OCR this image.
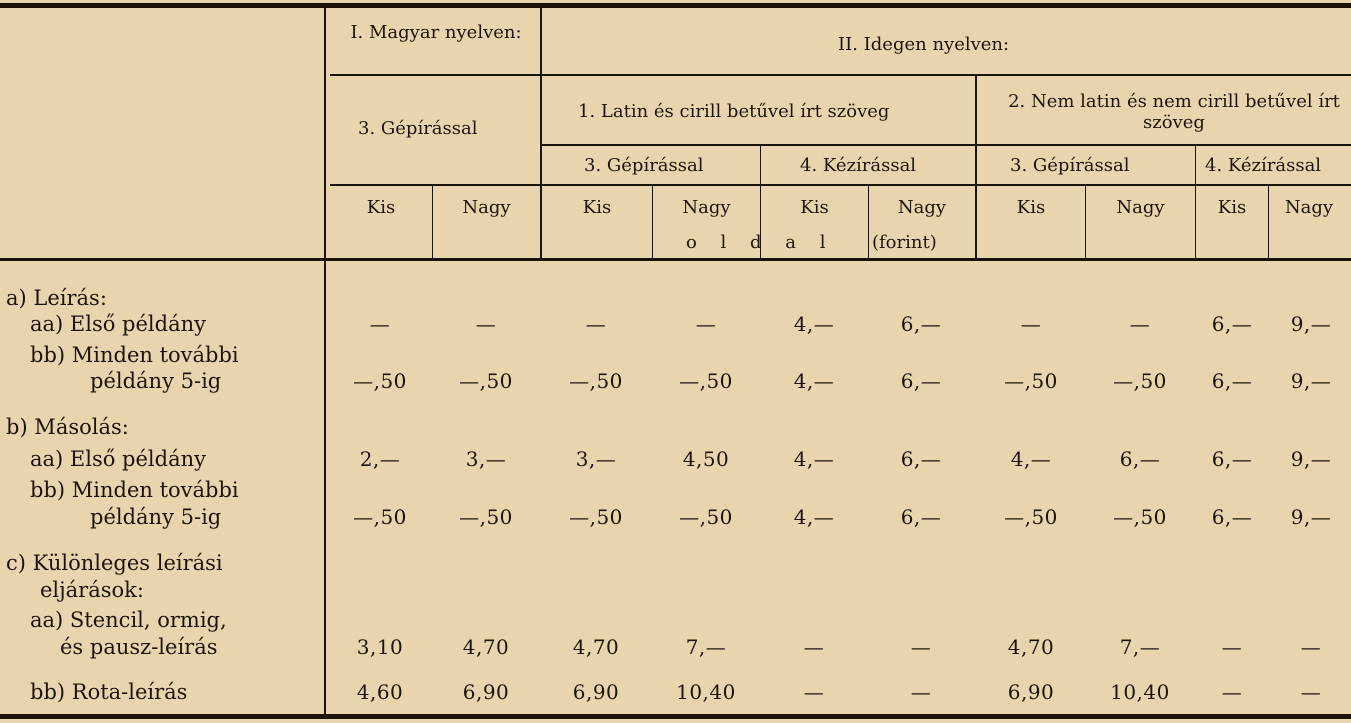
I. Magyar nyelven:
3. Gépírással
II. Idegen nyelven:
1. Latin és cirill betűvel írt szöveg	2. Nem latin és nem cirill betűvel írt szöveg
3. Gépírással	4. Kézírással	3. Gépírással	4. Kézírással
Kis	Nagy	Kis	Nagy	Kis	Nagy	Kis	Nagy	Kis	Nagy
o l d a l (forint)
a) Leírás:
aa) Első példány	—	—	—	—	4,—	6,—	—	—	6,—	9,—
bb) Minden további
példány 5-ig	—,50	—,50	—,50	—,50	4,—	6,—	—,50	—,50	6,—	9,—
b) Másolás:
aa) Első példány	2,—	3,—	3,—	4,50	4,—	6,—	4,—	6,—	6,—	9,—
bb) Minden további
példány 5-ig	—,50	—,50	—,50	—,50	4,—	6,—	—,50	—,50	6,—	9,—
c) Különleges leírási
eljárások:
aa) Stencil, ormig,
és pausz-leírás	3,10	4,70	4,70	7,—	—	—	4,70	7,—	—	—
bb) Rota-leírás	4,60	6,90	6,90	10,40	—	—	6,90	10,40	—	—
